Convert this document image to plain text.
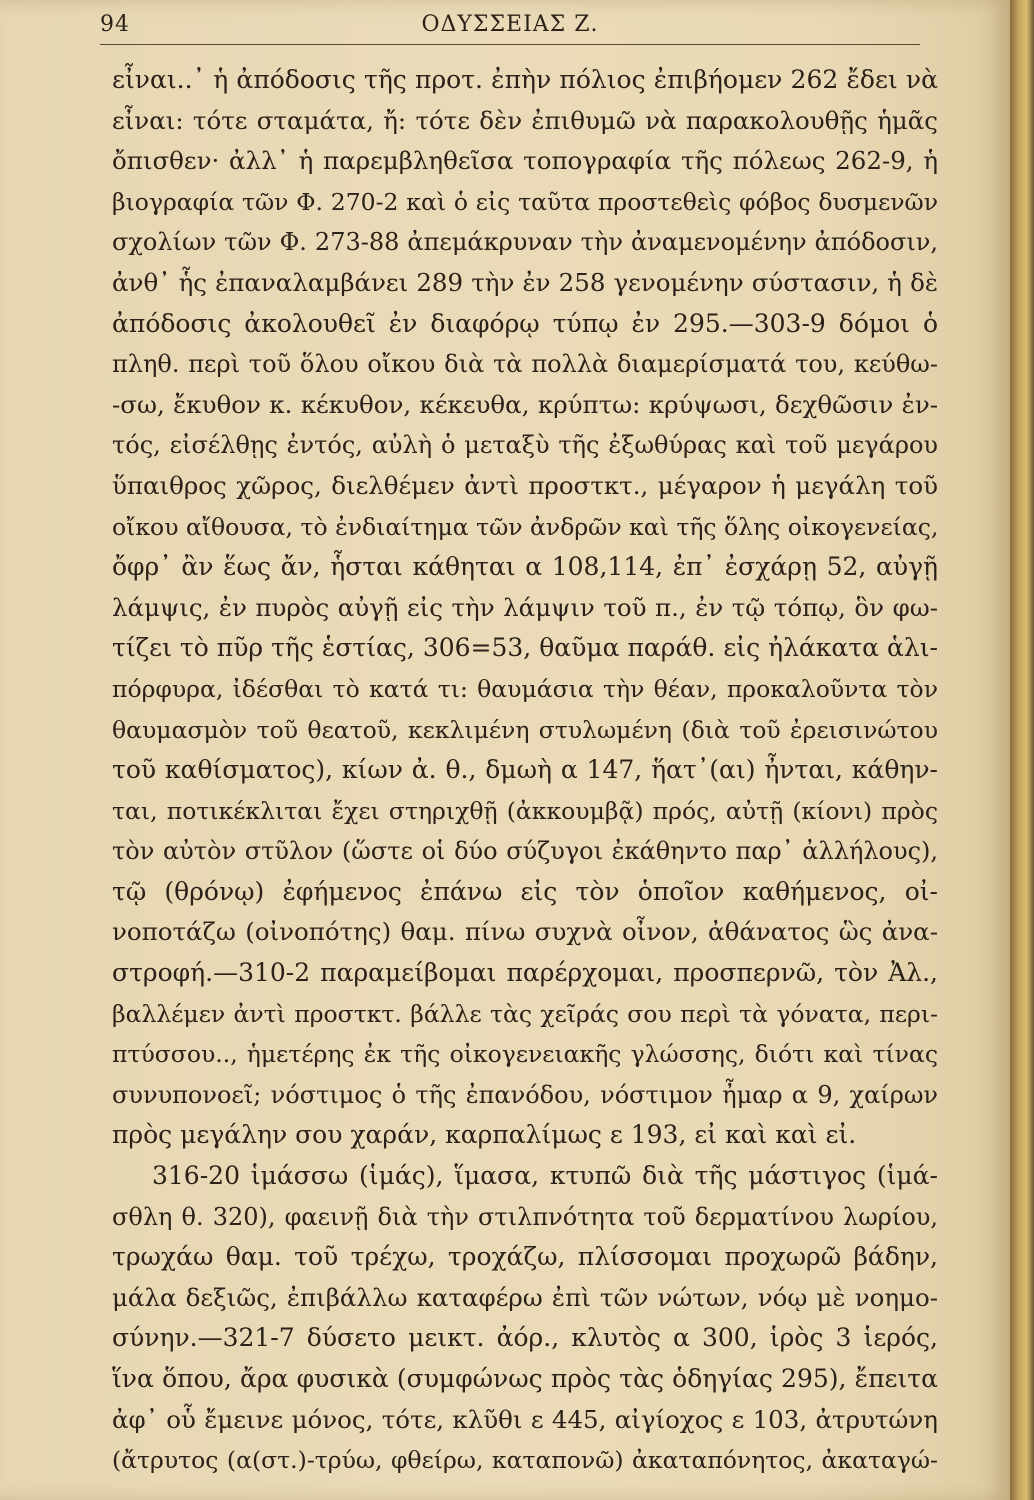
94	ΟΔΥΣΣΕΙΑΣ Ζ.
εἶναι..᾽ ἡ ἀπόδοσις τῆς προτ. ἐπὴν πόλιος ἐπιβήομεν 262 ἔδει νὰ
εἶναι: τότε σταμάτα, ἤ: τότε δὲν ἐπιθυμῶ νὰ παρακολουθῇς ἡμᾶς
ὄπισθεν· ἀλλ᾽ ἡ παρεμβληθεῖσα τοπογραφία τῆς πόλεως 262-9, ἡ
βιογραφία τῶν Φ. 270-2 καὶ ὁ εἰς ταῦτα προστεθεὶς φόβος δυσμενῶν
σχολίων τῶν Φ. 273-88 ἀπεμάκρυναν τὴν ἀναμενομένην ἀπόδοσιν,
ἀνθ᾽ ἧς ἐπαναλαμβάνει 289 τὴν ἐν 258 γενομένην σύστασιν, ἡ δὲ
ἀπόδοσις ἀκολουθεῖ ἐν διαφόρῳ τύπῳ ἐν 295.—303-9 δόμοι ὁ
πληθ. περὶ τοῦ ὅλου οἴκου διὰ τὰ πολλὰ διαμερίσματά του, κεύθω-
-σω, ἔκυθον κ. κέκυθον, κέκευθα, κρύπτω: κρύψωσι, δεχθῶσιν ἐν-
τός, εἰσέλθῃς ἐντός, αὐλὴ ὁ μεταξὺ τῆς ἐξωθύρας καὶ τοῦ μεγάρου
ὕπαιθρος χῶρος, διελθέμεν ἀντὶ προστκτ., μέγαρον ἡ μεγάλη τοῦ
οἴκου αἴθουσα, τὸ ἐνδιαίτημα τῶν ἀνδρῶν καὶ τῆς ὅλης οἰκογενείας,
ὄφρ᾽ ἂν ἕως ἄν, ἧσται κάθηται α 108,114, ἐπ᾽ ἐσχάρῃ 52, αὐγῇ
λάμψις, ἐν πυρὸς αὐγῇ εἰς τὴν λάμψιν τοῦ π., ἐν τῷ τόπῳ, ὃν φω-
τίζει τὸ πῦρ τῆς ἑστίας, 306=53, θαῦμα παράθ. εἰς ἠλάκατα ἁλι-
πόρφυρα, ἰδέσθαι τὸ κατά τι: θαυμάσια τὴν θέαν, προκαλοῦντα τὸν
θαυμασμὸν τοῦ θεατοῦ, κεκλιμένη στυλωμένη (διὰ τοῦ ἐρεισινώτου
τοῦ καθίσματος), κίων ἀ. θ., δμωὴ α 147, ἥατ᾽(αι) ἦνται, κάθην-
ται, ποτικέκλιται ἔχει στηριχθῇ (ἀκκουμβᾷ) πρός, αὐτῇ (κίονι) πρὸς
τὸν αὐτὸν στῦλον (ὥστε οἱ δύο σύζυγοι ἐκάθηντο παρ᾽ ἀλλήλους),
τῷ (θρόνῳ) ἐφήμενος ἐπάνω εἰς τὸν ὁποῖον καθήμενος, οἰ-
νοποτάζω (οἰνοπότης) θαμ. πίνω συχνὰ οἶνον, ἀθάνατος ὣς ἀνα-
στροφή.—310-2 παραμείβομαι παρέρχομαι, προσπερνῶ, τὸν Ἀλ.,
βαλλέμεν ἀντὶ προστκτ. βάλλε τὰς χεῖράς σου περὶ τὰ γόνατα, περι-
πτύσσου.., ἡμετέρης ἐκ τῆς οἰκογενειακῆς γλώσσης, διότι καὶ τίνας
συνυπονοεῖ; νόστιμος ὁ τῆς ἐπανόδου, νόστιμον ἦμαρ α 9, χαίρων
πρὸς μεγάλην σου χαράν, καρπαλίμως ε 193, εἰ καὶ καὶ εἰ.
316-20 ἱμάσσω (ἱμάς), ἵμασα, κτυπῶ διὰ τῆς μάστιγος (ἱμά-
σθλη θ. 320), φαεινῇ διὰ τὴν στιλπνότητα τοῦ δερματίνου λωρίου,
τρωχάω θαμ. τοῦ τρέχω, τροχάζω, πλίσσομαι προχωρῶ βάδην,
μάλα δεξιῶς, ἐπιβάλλω καταφέρω ἐπὶ τῶν νώτων, νόῳ μὲ νοημο-
σύνην.—321-7 δύσετο μεικτ. ἀόρ., κλυτὸς α 300, ἱρὸς 3 ἱερός,
ἵνα ὅπου, ἄρα φυσικὰ (συμφώνως πρὸς τὰς ὁδηγίας 295), ἔπειτα
ἀφ᾽ οὗ ἔμεινε μόνος, τότε, κλῦθι ε 445, αἰγίοχος ε 103, ἀτρυτώνη
(ἄτρυτος (α(στ.)-τρύω, φθείρω, καταπονῶ) ἀκαταπόνητος, ἀκαταγώ-
